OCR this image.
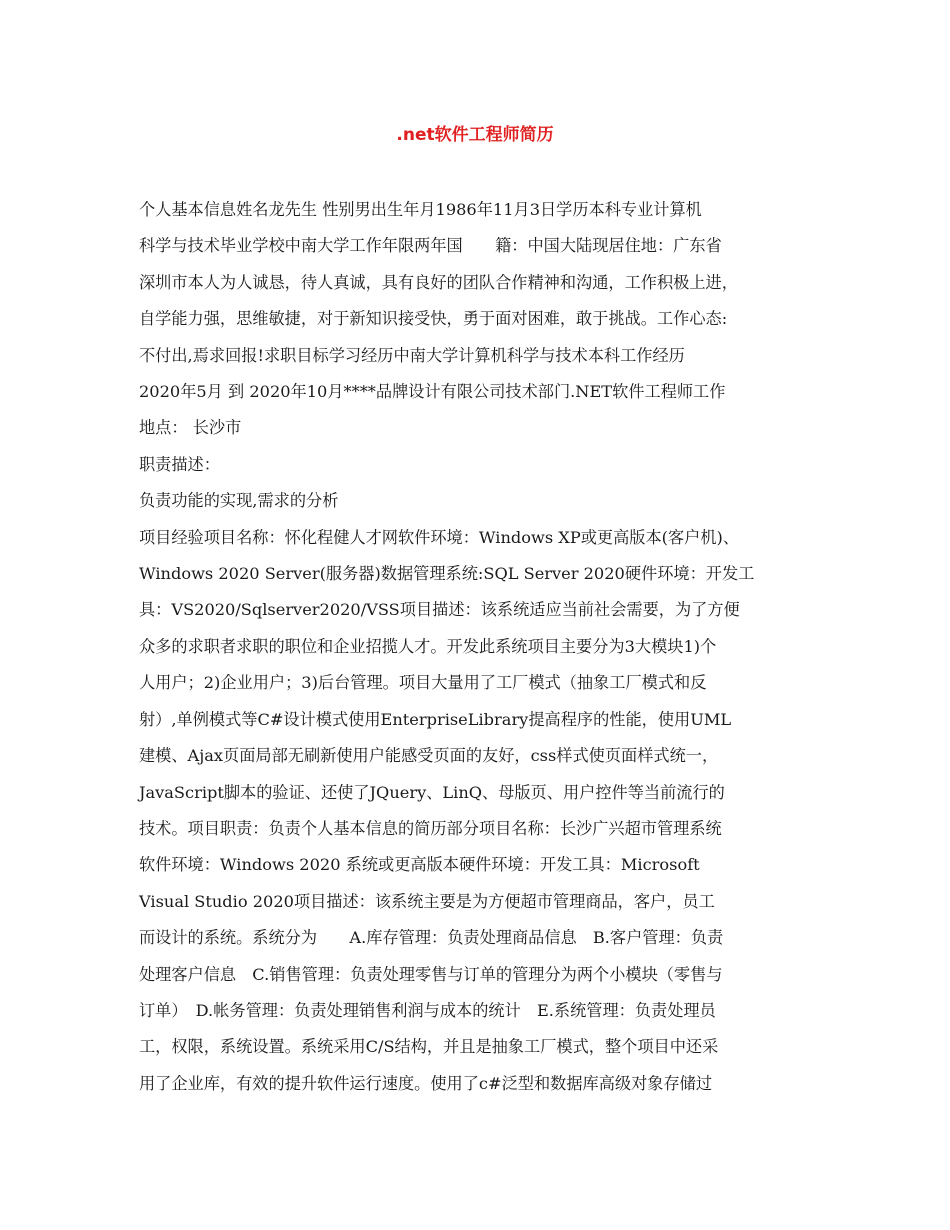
.net软件工程师简历

个人基本信息姓名龙先生 性别男出生年月1986年11月3日学历本科专业计算机

科学与技术毕业学校中南大学工作年限两年国　　籍：中国大陆现居住地：广东省

深圳市本人为人诚恳，待人真诚，具有良好的团队合作精神和沟通，工作积极上进，

自学能力强，思维敏捷，对于新知识接受快，勇于面对困难，敢于挑战。工作心态:

不付出,焉求回报!求职目标学习经历中南大学计算机科学与技术本科工作经历

2020年5月 到 2020年10月****品牌设计有限公司技术部门.NET软件工程师工作

地点： 长沙市

职责描述：

负责功能的实现,需求的分析

项目经验项目名称：怀化程健人才网软件环境：Windows XP或更高版本(客户机)、

Windows 2020 Server(服务器)数据管理系统:SQL Server 2020硬件环境：开发工

具：VS2020/Sqlserver2020/VSS项目描述：该系统适应当前社会需要，为了方便

众多的求职者求职的职位和企业招揽人才。开发此系统项目主要分为3大模块1)个

人用户；2)企业用户；3)后台管理。项目大量用了工厂模式（抽象工厂模式和反

射）,单例模式等C#设计模式使用EnterpriseLibrary提高程序的性能，使用UML

建模、Ajax页面局部无刷新使用户能感受页面的友好，css样式使页面样式统一，

JavaScript脚本的验证、还使了JQuery、LinQ、母版页、用户控件等当前流行的

技术。项目职责：负责个人基本信息的简历部分项目名称：长沙广兴超市管理系统

软件环境：Windows 2020 系统或更高版本硬件环境：开发工具：Microsoft

Visual Studio 2020项目描述：该系统主要是为方便超市管理商品，客户，员工

而设计的系统。系统分为　　A.库存管理：负责处理商品信息　B.客户管理：负责

处理客户信息　C.销售管理：负责处理零售与订单的管理分为两个小模块（零售与

订单）　D.帐务管理：负责处理销售利润与成本的统计　E.系统管理：负责处理员

工，权限，系统设置。系统采用C/S结构，并且是抽象工厂模式，整个项目中还采

用了企业库，有效的提升软件运行速度。使用了c#泛型和数据库高级对象存储过
